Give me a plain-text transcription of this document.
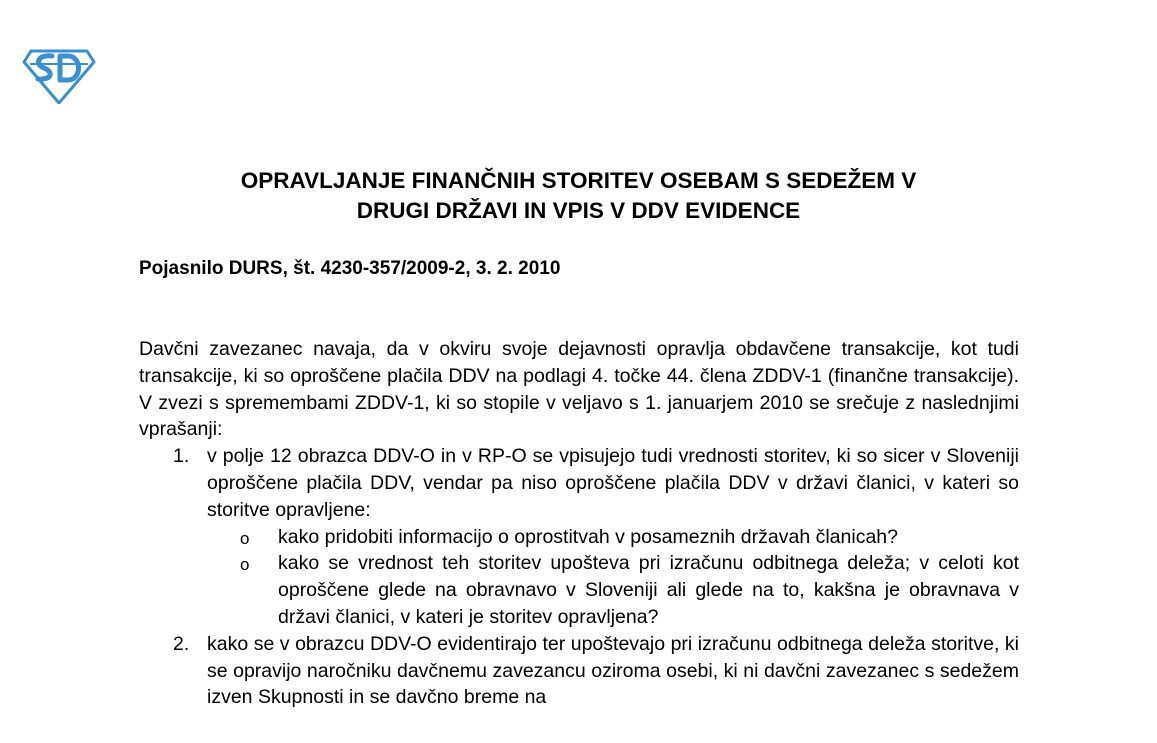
OPRAVLJANJE FINANČNIH STORITEV OSEBAM S SEDEŽEM V
DRUGI DRŽAVI IN VPIS V DDV EVIDENCE
Pojasnilo DURS, št. 4230-357/2009-2, 3. 2. 2010

Davčni zavezanec navaja, da v okviru svoje dejavnosti opravlja obdavčene transakcije, kot tudi transakcije, ki so oproščene plačila DDV na podlagi 4. točke 44. člena ZDDV-1 (finančne transakcije). V zvezi s spremembami ZDDV-1, ki so stopile v veljavo s 1. januarjem 2010 se srečuje z naslednjimi vprašanji:

1. v polje 12 obrazca DDV-O in v RP-O se vpisujejo tudi vrednosti storitev, ki so sicer v Sloveniji oproščene plačila DDV, vendar pa niso oproščene plačila DDV v državi članici, v kateri so storitve opravljene:
o kako pridobiti informacijo o oprostitvah v posameznih državah članicah?
o kako se vrednost teh storitev upošteva pri izračunu odbitnega deleža; v celoti kot oproščene glede na obravnavo v Sloveniji ali glede na to, kakšna je obravnava v državi članici, v kateri je storitev opravljena?
2. kako se v obrazcu DDV-O evidentirajo ter upoštevajo pri izračunu odbitnega deleža storitve, ki se opravijo naročniku davčnemu zavezancu oziroma osebi, ki ni davčni zavezanec s sedežem izven Skupnosti in se davčno breme na
